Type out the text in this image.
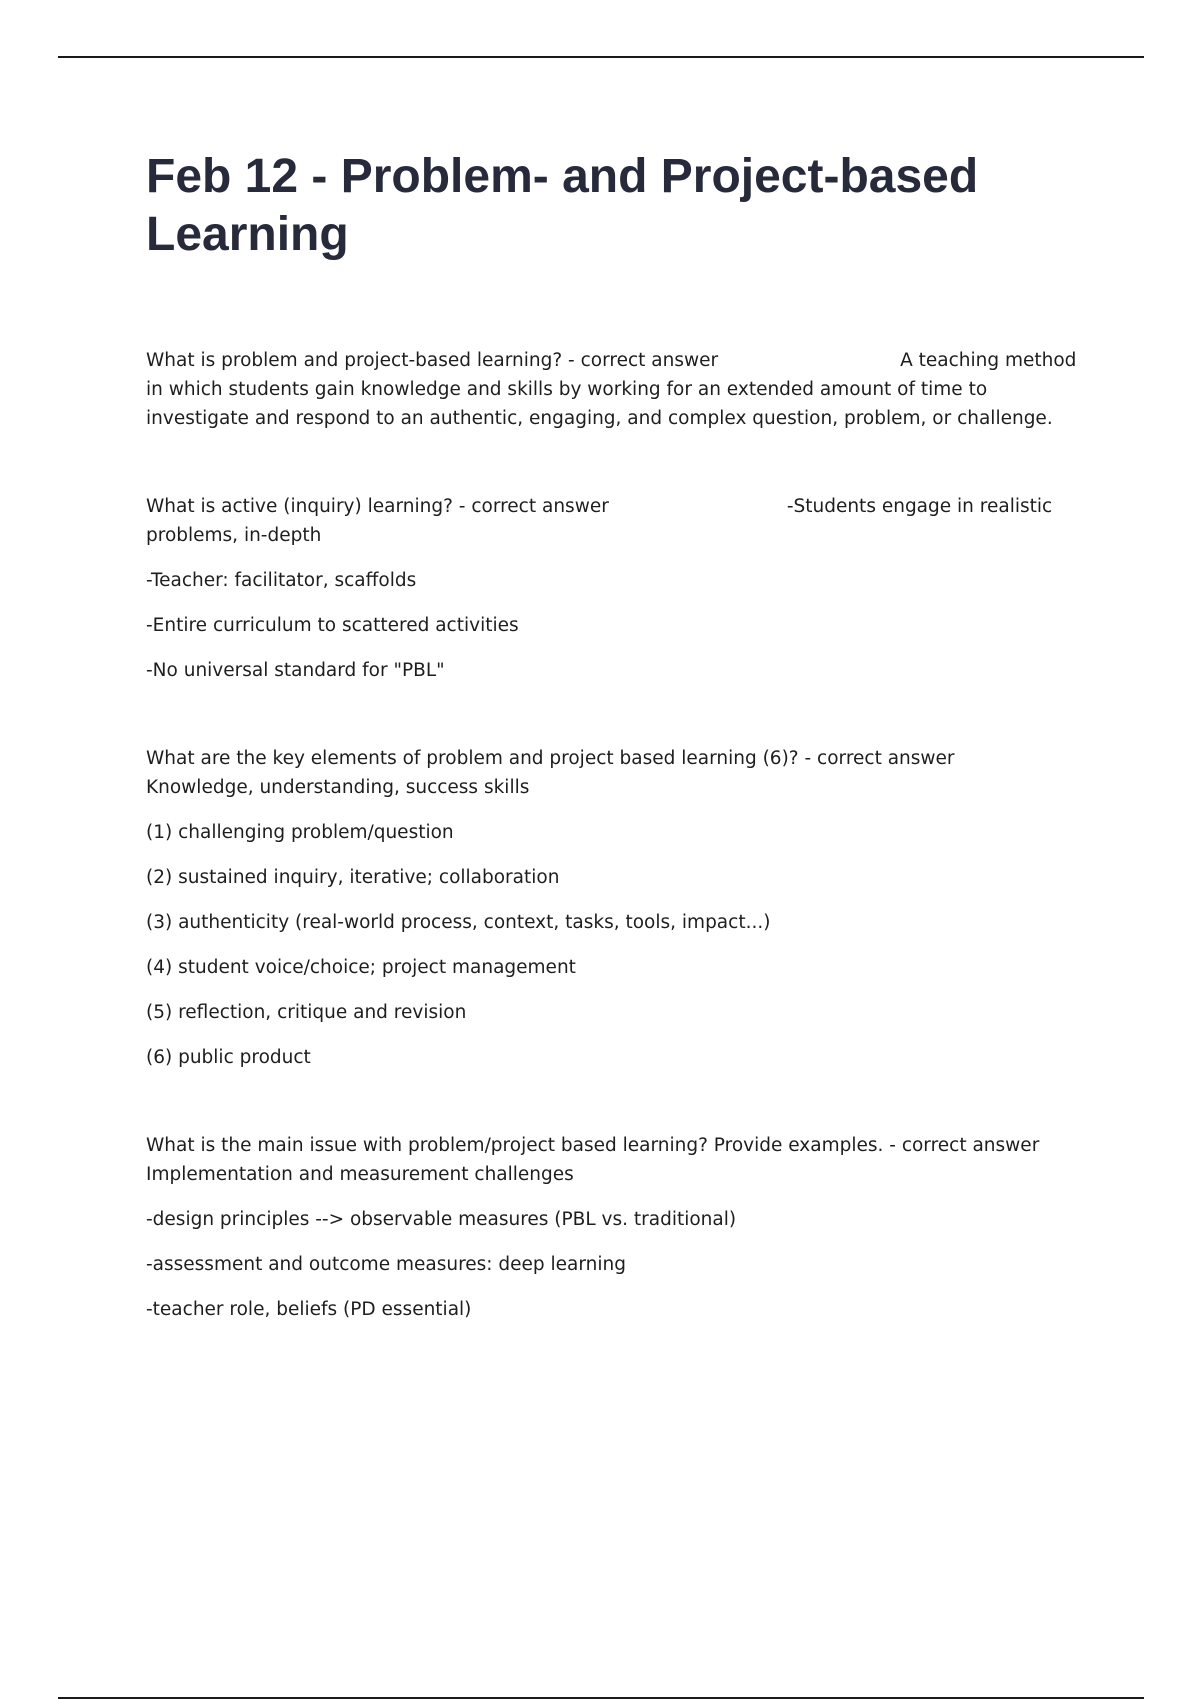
Feb 12 - Problem- and Project-based Learning

What is problem and project-based learning? - correct answer	A teaching method in which students gain knowledge and skills by working for an extended amount of time to investigate and respond to an authentic, engaging, and complex question, problem, or challenge.

What is active (inquiry) learning? - correct answer	-Students engage in realistic problems, in-depth

-Teacher: facilitator, scaffolds

-Entire curriculum to scattered activities

-No universal standard for "PBL"

What are the key elements of problem and project based learning (6)? - correct answer
Knowledge, understanding, success skills

(1) challenging problem/question

(2) sustained inquiry, iterative; collaboration

(3) authenticity (real-world process, context, tasks, tools, impact...)

(4) student voice/choice; project management

(5) reflection, critique and revision

(6) public product

What is the main issue with problem/project based learning? Provide examples. - correct answer
Implementation and measurement challenges

-design principles --> observable measures (PBL vs. traditional)

-assessment and outcome measures: deep learning

-teacher role, beliefs (PD essential)
